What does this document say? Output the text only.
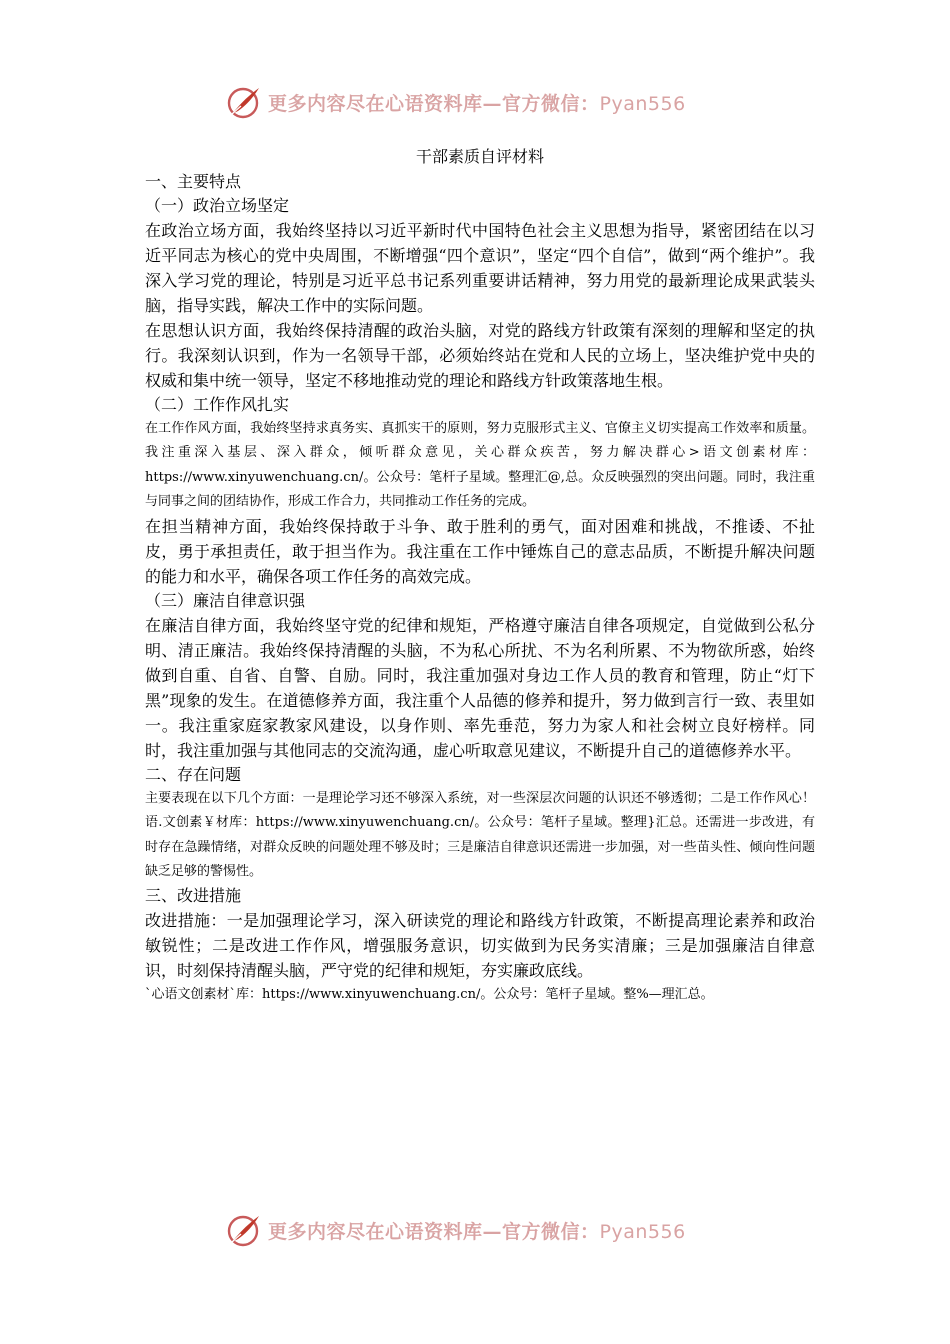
更多内容尽在心语资料库—官方微信：Pyan556
干部素质自评材料
一、主要特点
（一）政治立场坚定
在政治立场方面，我始终坚持以习近平新时代中国特色社会主义思想为指导，紧密团结在以习近平同志为核心的党中央周围，不断增强“四个意识”，坚定“四个自信”，做到“两个维护”。我深入学习党的理论，特别是习近平总书记系列重要讲话精神，努力用党的最新理论成果武装头脑，指导实践，解决工作中的实际问题。
在思想认识方面，我始终保持清醒的政治头脑，对党的路线方针政策有深刻的理解和坚定的执行。我深刻认识到，作为一名领导干部，必须始终站在党和人民的立场上，坚决维护党中央的权威和集中统一领导，坚定不移地推动党的理论和路线方针政策落地生根。
（二）工作作风扎实
在工作作风方面，我始终坚持求真务实、真抓实干的原则，努力克服形式主义、官僚主义切实提高工作效率和质量。我注重深入基层、深入群众，倾听群众意见，关心群众疾苦，努力解决群心>语文创素材库：https://www.xinyuwenchuang.cn/。公众号：笔杆子星域。整理汇@,总。众反映强烈的突出问题。同时，我注重与同事之间的团结协作，形成工作合力，共同推动工作任务的完成。
在担当精神方面，我始终保持敢于斗争、敢于胜利的勇气，面对困难和挑战，不推诿、不扯皮，勇于承担责任，敢于担当作为。我注重在工作中锤炼自己的意志品质，不断提升解决问题的能力和水平，确保各项工作任务的高效完成。
（三）廉洁自律意识强
在廉洁自律方面，我始终坚守党的纪律和规矩，严格遵守廉洁自律各项规定，自觉做到公私分明、清正廉洁。我始终保持清醒的头脑，不为私心所扰、不为名利所累、不为物欲所惑，始终做到自重、自省、自警、自励。同时，我注重加强对身边工作人员的教育和管理，防止“灯下黑”现象的发生。在道德修养方面，我注重个人品德的修养和提升，努力做到言行一致、表里如一。我注重家庭家教家风建设，以身作则、率先垂范，努力为家人和社会树立良好榜样。同时，我注重加强与其他同志的交流沟通，虚心听取意见建议，不断提升自己的道德修养水平。
二、存在问题
主要表现在以下几个方面：一是理论学习还不够深入系统，对一些深层次问题的认识还不够透彻；二是工作作风心！语.文创素￥材库：https://www.xinyuwenchuang.cn/。公众号：笔杆子星域。整理}汇总。还需进一步改进，有时存在急躁情绪，对群众反映的问题处理不够及时；三是廉洁自律意识还需进一步加强，对一些苗头性、倾向性问题缺乏足够的警惕性。
三、改进措施
改进措施：一是加强理论学习，深入研读党的理论和路线方针政策，不断提高理论素养和政治敏锐性；二是改进工作作风，增强服务意识，切实做到为民务实清廉；三是加强廉洁自律意识，时刻保持清醒头脑，严守党的纪律和规矩，夯实廉政底线。
`心语文创素材`库：https://www.xinyuwenchuang.cn/。公众号：笔杆子星域。整%—理汇总。
更多内容尽在心语资料库—官方微信：Pyan556
